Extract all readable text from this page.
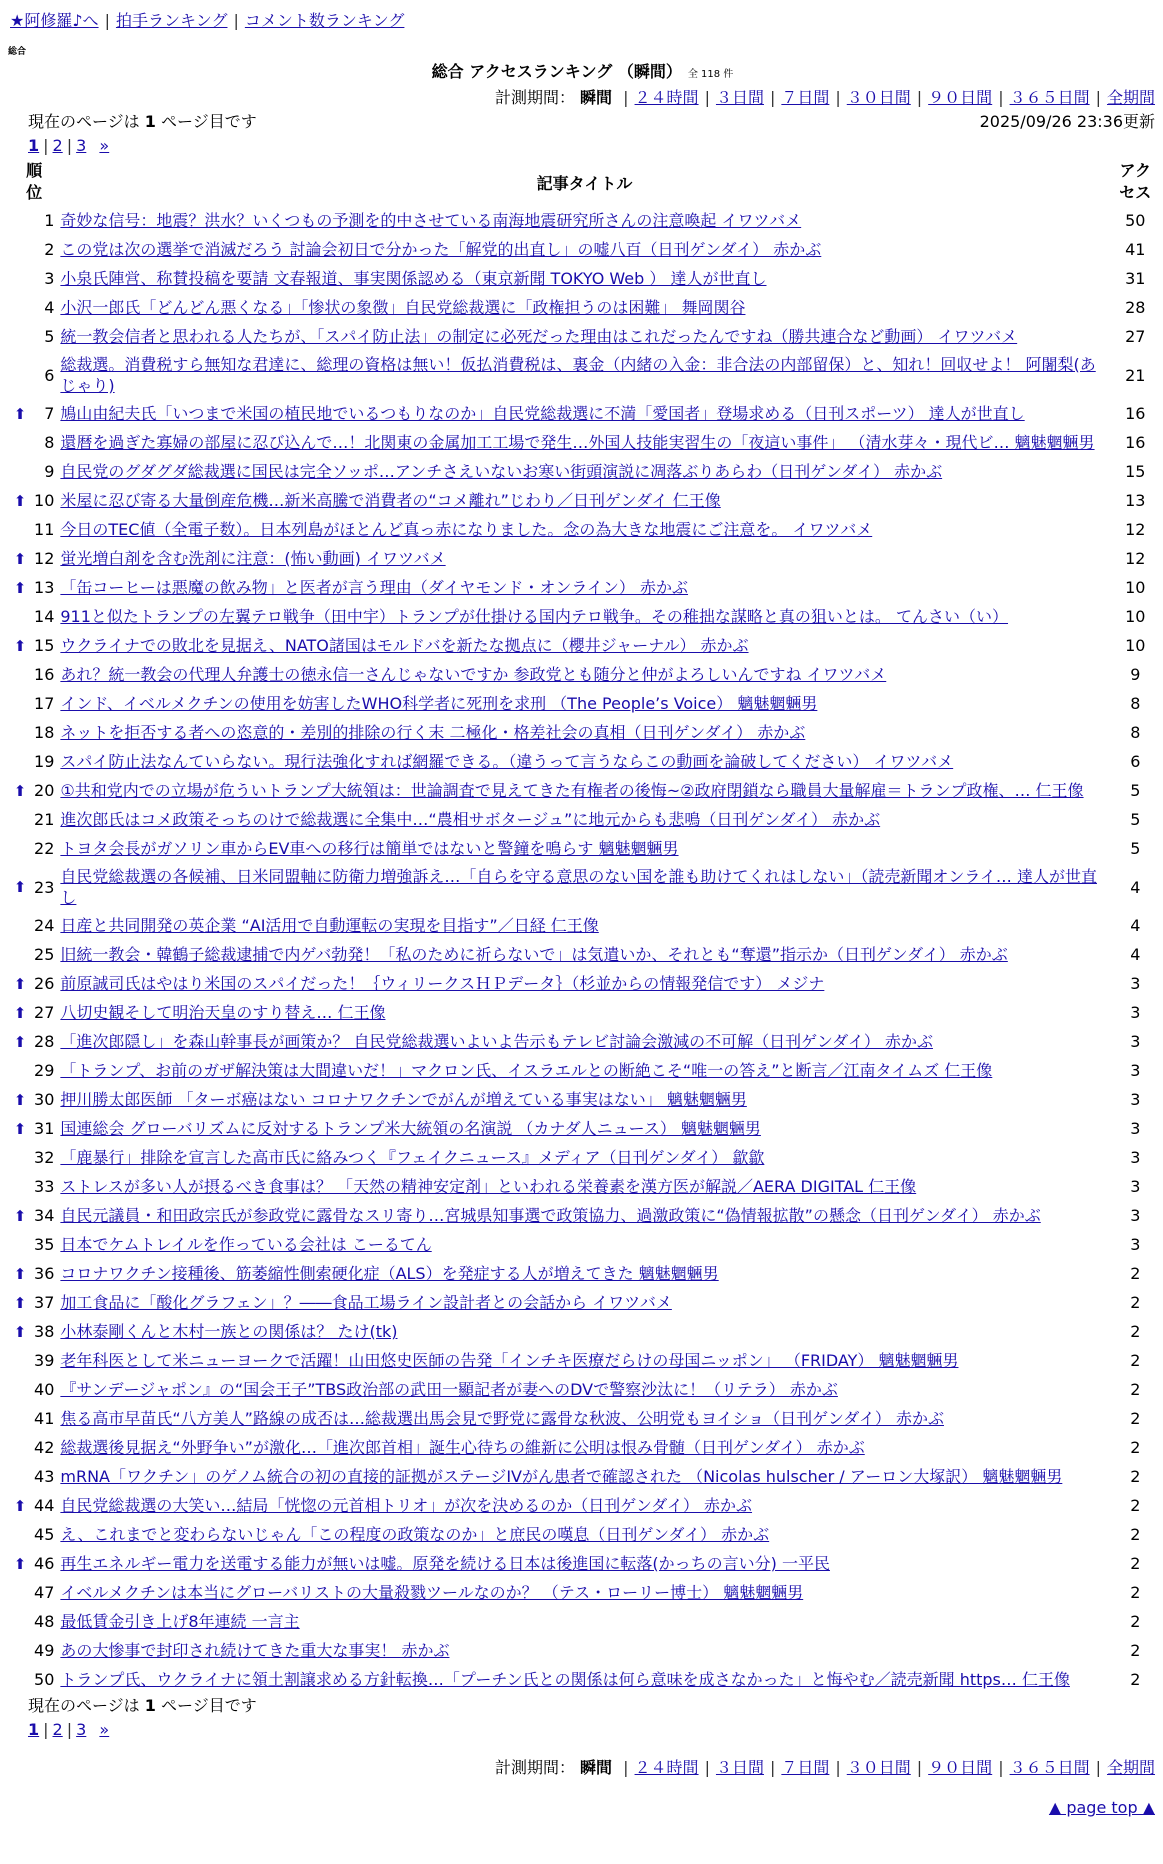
★阿修羅♪へ | 拍手ランキング | コメント数ランキング
総合
総合 アクセスランキング （瞬間） 全 118 件
計測期間： 瞬間 | ２４時間 | ３日間 | ７日間 | ３０日間 | ９０日間 | ３６５日間 | 全期間
現在のページは 1 ページ目です	2025/09/26 23:36更新
1 | 2 | 3 »
順位		記事タイトル	アクセス
	1	奇妙な信号：地震？洪水？いくつもの予測を的中させている南海地震研究所さんの注意喚起 イワツバメ	50
	2	この党は次の選挙で消滅だろう 討論会初日で分かった「解党的出直し」の嘘八百（日刊ゲンダイ） 赤かぶ	41
	3	小泉氏陣営、称賛投稿を要請 文春報道、事実関係認める（東京新聞 TOKYO Web ） 達人が世直し	31
	4	小沢一郎氏「どんどん悪くなる」「惨状の象徴」自民党総裁選に「政権担うのは困難」 舞岡関谷	28
	5	統一教会信者と思われる人たちが、「スパイ防止法」の制定に必死だった理由はこれだったんですね（勝共連合など動画） イワツバメ	27
	6	総裁選。消費税すら無知な君達に、総理の資格は無い！仮払消費税は、裏金（内緒の入金：非合法の内部留保）と、知れ！回収せよ！ 阿闍梨(あじゃり)	21
⬆	7	鳩山由紀夫氏「いつまで米国の植民地でいるつもりなのか」自民党総裁選に不満「愛国者」登場求める（日刊スポーツ） 達人が世直し	16
	8	還暦を過ぎた寡婦の部屋に忍び込んで…！北関東の金属加工工場で発生…外国人技能実習生の「夜這い事件」 （清水芽々・現代ビ… 魑魅魍魎男	16
	9	自民党のグダグダ総裁選に国民は完全ソッポ…アンチさえいないお寒い街頭演説に凋落ぶりあらわ（日刊ゲンダイ） 赤かぶ	15
⬆	10	米屋に忍び寄る大量倒産危機…新米高騰で消費者の“コメ離れ”じわり／日刊ゲンダイ 仁王像	13
	11	今日のTEC値（全電子数）。日本列島がほとんど真っ赤になりました。念の為大きな地震にご注意を。 イワツバメ	12
⬆	12	蛍光増白剤を含む洗剤に注意：(怖い動画) イワツバメ	12
⬆	13	「缶コーヒーは悪魔の飲み物」と医者が言う理由（ダイヤモンド・オンライン） 赤かぶ	10
	14	911と似たトランプの左翼テロ戦争（田中宇）トランプが仕掛ける国内テロ戦争。その稚拙な謀略と真の狙いとは。 てんさい（い）	10
⬆	15	ウクライナでの敗北を見据え、NATO諸国はモルドバを新たな拠点に（櫻井ジャーナル） 赤かぶ	10
	16	あれ？統一教会の代理人弁護士の徳永信一さんじゃないですか 参政党とも随分と仲がよろしいんですね イワツバメ	9
	17	インド、イベルメクチンの使用を妨害したWHO科学者に死刑を求刑 （The People’s Voice） 魑魅魍魎男	8
	18	ネットを拒否する者への恣意的・差別的排除の行く末 二極化・格差社会の真相（日刊ゲンダイ） 赤かぶ	8
	19	スパイ防止法なんていらない。現行法強化すれば網羅できる。（違うって言うならこの動画を論破してください） イワツバメ	6
⬆	20	①共和党内での立場が危ういトランプ大統領は：世論調査で見えてきた有権者の後悔~②政府閉鎖なら職員大量解雇＝トランプ政権、… 仁王像	5
	21	進次郎氏はコメ政策そっちのけで総裁選に全集中…“農相サボタージュ”に地元からも悲鳴（日刊ゲンダイ） 赤かぶ	5
	22	トヨタ会長がガソリン車からEV車への移行は簡単ではないと警鐘を鳴らす 魑魅魍魎男	5
⬆	23	自民党総裁選の各候補、日米同盟軸に防衛力増強訴え…「自らを守る意思のない国を誰も助けてくれはしない」（読売新聞オンライ… 達人が世直し	4
	24	日産と共同開発の英企業 “AI活用で自動運転の実現を目指す”／日経 仁王像	4
	25	旧統一教会・韓鶴子総裁逮捕で内ゲバ勃発！「私のために祈らないで」は気遣いか、それとも“奪還”指示か（日刊ゲンダイ） 赤かぶ	4
⬆	26	前原誠司氏はやはり米国のスパイだった！｛ウィリークスＨＰデータ｝（杉並からの情報発信です） メジナ	3
⬆	27	八切史観そして明治天皇のすり替え… 仁王像	3
⬆	28	「進次郎隠し」を森山幹事長が画策か？ 自民党総裁選いよいよ告示もテレビ討論会激減の不可解（日刊ゲンダイ） 赤かぶ	3
	29	「トランプ、お前のガザ解決策は大間違いだ！」マクロン氏、イスラエルとの断絶こそ“唯一の答え”と断言／江南タイムズ 仁王像	3
⬆	30	押川勝太郎医師 「ターボ癌はない コロナワクチンでがんが増えている事実はない」 魑魅魍魎男	3
⬆	31	国連総会 グローバリズムに反対するトランプ米大統領の名演説 （カナダ人ニュース） 魑魅魍魎男	3
	32	「鹿暴行」排除を宣言した高市氏に絡みつく『フェイクニュース』メディア（日刊ゲンダイ） 歙歙	3
	33	ストレスが多い人が摂るべき食事は？ 「天然の精神安定剤」といわれる栄養素を漢方医が解説／AERA DIGITAL 仁王像	3
⬆	34	自民元議員・和田政宗氏が参政党に露骨なスリ寄り…宮城県知事選で政策協力、過激政策に“偽情報拡散”の懸念（日刊ゲンダイ） 赤かぶ	3
	35	日本でケムトレイルを作っている会社は こーるてん	3
⬆	36	コロナワクチン接種後、筋萎縮性側索硬化症（ALS）を発症する人が増えてきた 魑魅魍魎男	2
⬆	37	加工食品に「酸化グラフェン」？――食品工場ライン設計者との会話から イワツバメ	2
⬆	38	小林泰剛くんと木村一族との関係は？ たけ(tk)	2
	39	老年科医として米ニューヨークで活躍！山田悠史医師の告発「インチキ医療だらけの母国ニッポン」 （FRIDAY） 魑魅魍魎男	2
	40	『サンデージャポン』の“国会王子”TBS政治部の武田一顯記者が妻へのDVで警察沙汰に！（リテラ） 赤かぶ	2
	41	焦る高市早苗氏“八方美人”路線の成否は…総裁選出馬会見で野党に露骨な秋波、公明党もヨイショ（日刊ゲンダイ） 赤かぶ	2
	42	総裁選後見据え“外野争い”が激化…「進次郎首相」誕生心待ちの維新に公明は恨み骨髄（日刊ゲンダイ） 赤かぶ	2
	43	mRNA「ワクチン」のゲノム統合の初の直接的証拠がステージIVがん患者で確認された （Nicolas hulscher / アーロン大塚訳） 魑魅魍魎男	2
⬆	44	自民党総裁選の大笑い…結局「恍惚の元首相トリオ」が次を決めるのか（日刊ゲンダイ） 赤かぶ	2
	45	え、これまでと変わらないじゃん「この程度の政策なのか」と庶民の嘆息（日刊ゲンダイ） 赤かぶ	2
⬆	46	再生エネルギー電力を送電する能力が無いは嘘。原発を続ける日本は後進国に転落(かっちの言い分) 一平民	2
	47	イベルメクチンは本当にグローバリストの大量殺戮ツールなのか？ （テス・ローリー博士） 魑魅魍魎男	2
	48	最低賃金引き上げ8年連続 一言主	2
	49	あの大惨事で封印され続けてきた重大な事実！ 赤かぶ	2
	50	トランプ氏、ウクライナに領土割譲求める方針転換…「プーチン氏との関係は何ら意味を成さなかった」と悔やむ／読売新聞 https… 仁王像	2
現在のページは 1 ページ目です
1 | 2 | 3 »
計測期間： 瞬間 | ２４時間 | ３日間 | ７日間 | ３０日間 | ９０日間 | ３６５日間 | 全期間
▲ page top ▲
